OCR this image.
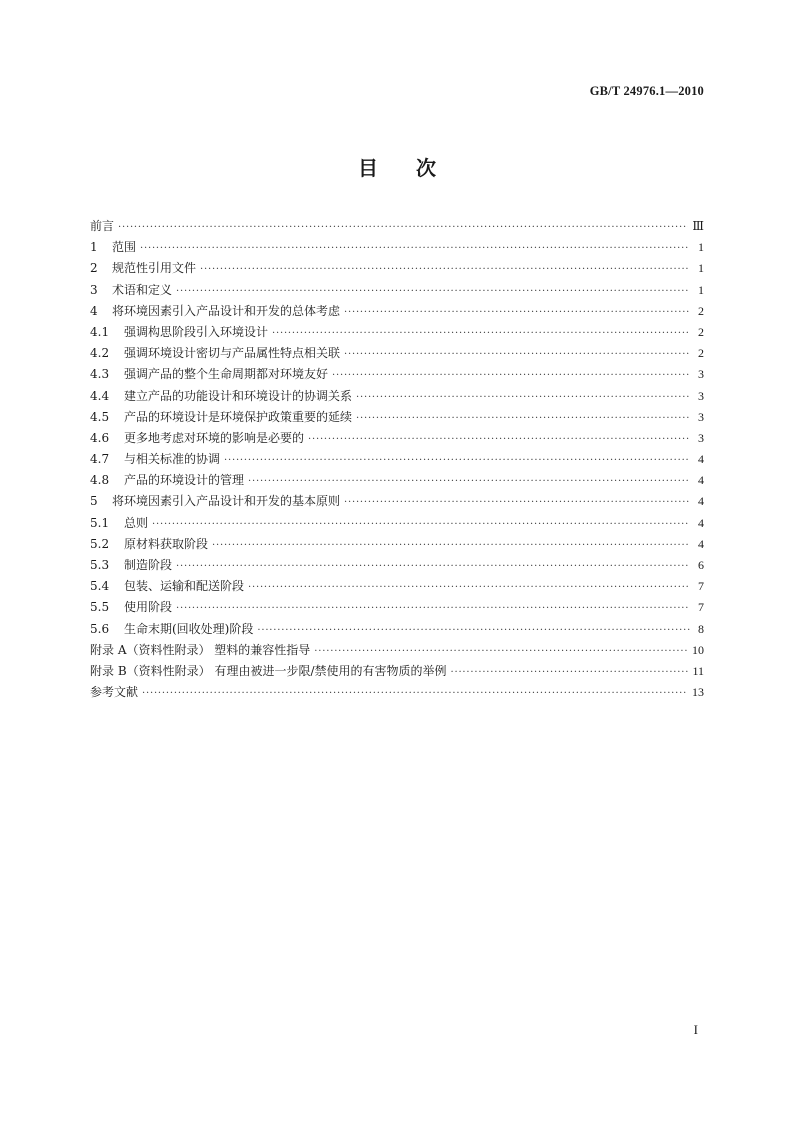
GB/T 24976.1—2010
目次
前言 ·····	Ⅲ
1 范围 ·····	1
2 规范性引用文件 ·····	1
3 术语和定义 ·····	1
4 将环境因素引入产品设计和开发的总体考虑 ·····	2
4.1 强调构思阶段引入环境设计 ·····	2
4.2 强调环境设计密切与产品属性特点相关联 ·····	2
4.3 强调产品的整个生命周期都对环境友好 ·····	3
4.4 建立产品的功能设计和环境设计的协调关系 ·····	3
4.5 产品的环境设计是环境保护政策重要的延续 ·····	3
4.6 更多地考虑对环境的影响是必要的 ·····	3
4.7 与相关标准的协调 ·····	4
4.8 产品的环境设计的管理 ·····	4
5 将环境因素引入产品设计和开发的基本原则 ·····	4
5.1 总则 ·····	4
5.2 原材料获取阶段 ·····	4
5.3 制造阶段 ·····	6
5.4 包装、运输和配送阶段 ·····	7
5.5 使用阶段 ·····	7
5.6 生命末期(回收处理)阶段 ·····	8
附录 A（资料性附录） 塑料的兼容性指导 ·····	10
附录 B（资料性附录） 有理由被进一步限/禁使用的有害物质的举例 ·····	11
参考文献 ·····	13
I
